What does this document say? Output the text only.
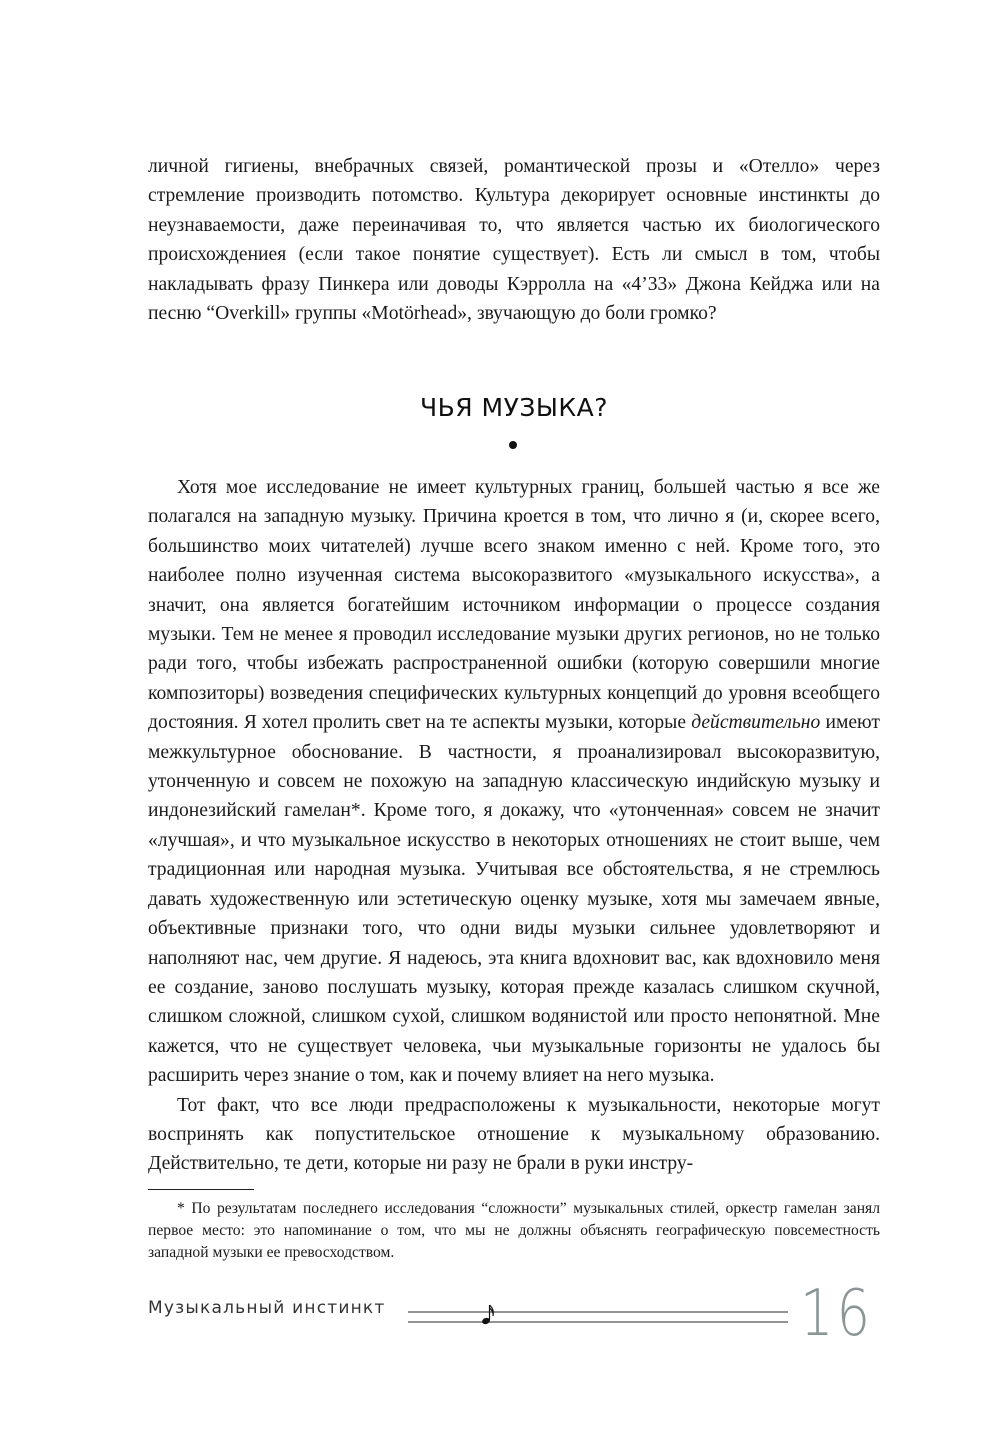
личной гигиены, внебрачных связей, романтической прозы и «Отелло» через стремление производить потомство. Культура декорирует основные инстинкты до неузнаваемости, даже переиначивая то, что является частью их биологического происхождениея (если такое понятие существует). Есть ли смысл в том, чтобы накладывать фразу Пинкера или доводы Кэрролла на «4’33» Джона Кейджа или на песню “Overkill» группы «Motörhead», звучающую до боли громко?

ЧЬЯ МУЗЫКА?

Хотя мое исследование не имеет культурных границ, большей частью я все же полагался на западную музыку. Причина кроется в том, что лично я (и, скорее всего, большинство моих читателей) лучше всего знаком именно с ней. Кроме того, это наиболее полно изученная система высокоразвитого «музыкального искусства», а значит, она является богатейшим источником информации о процессе создания музыки. Тем не менее я проводил исследование музыки других регионов, но не только ради того, чтобы избежать распространенной ошибки (которую совершили многие композиторы) возведения специфических культурных концепций до уровня всеобщего достояния. Я хотел пролить свет на те аспекты музыки, которые действительно имеют межкультурное обоснование. В частности, я проанализировал высокоразвитую, утонченную и совсем не похожую на западную классическую индийскую музыку и индонезийский гамелан*. Кроме того, я докажу, что «утонченная» совсем не значит «лучшая», и что музыкальное искусство в некоторых отношениях не стоит выше, чем традиционная или народная музыка. Учитывая все обстоятельства, я не стремлюсь давать художественную или эстетическую оценку музыке, хотя мы замечаем явные, объективные признаки того, что одни виды музыки сильнее удовлетворяют и наполняют нас, чем другие. Я надеюсь, эта книга вдохновит вас, как вдохновило меня ее создание, заново послушать музыку, которая прежде казалась слишком скучной, слишком сложной, слишком сухой, слишком водянистой или просто непонятной. Мне кажется, что не существует человека, чьи музыкальные горизонты не удалось бы расширить через знание о том, как и почему влияет на него музыка.

Тот факт, что все люди предрасположены к музыкальности, некоторые могут воспринять как попустительское отношение к музыкальному образованию. Действительно, те дети, которые ни разу не брали в руки инстру-

* По результатам последнего исследования “сложности” музыкальных стилей, оркестр гамелан занял первое место: это напоминание о том, что мы не должны объяснять географическую повсеместность западной музыки ее превосходством.

Музыкальный инстинкт	16
